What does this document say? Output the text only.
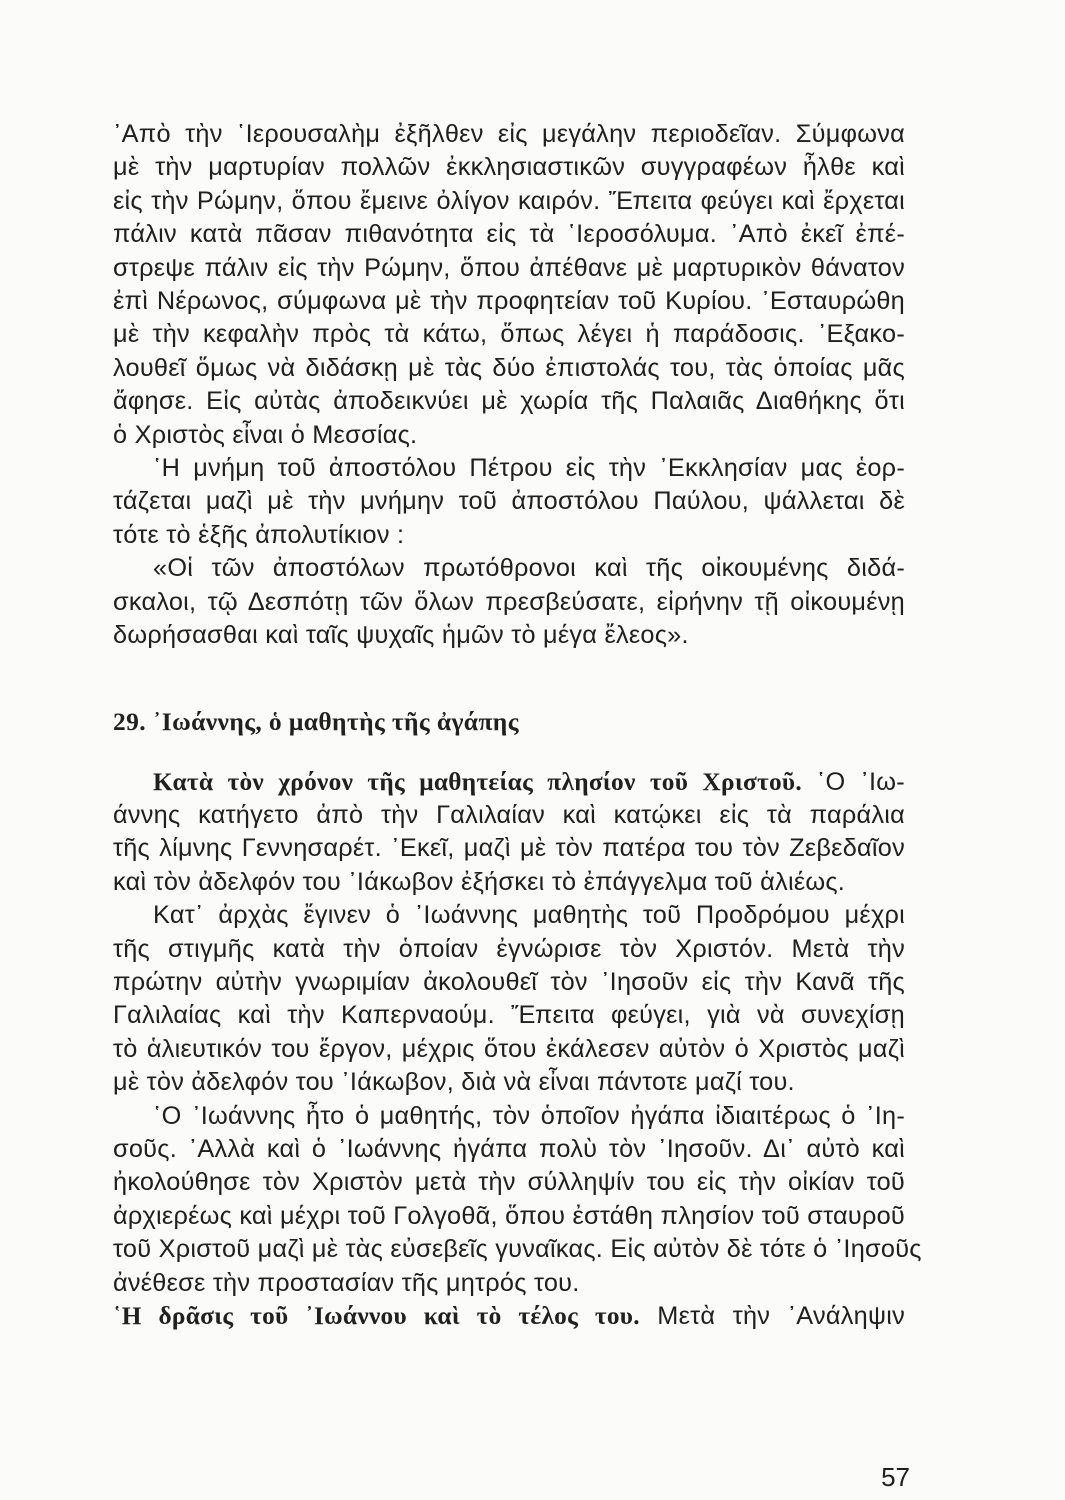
᾿Απὸ τὴν ῾Ιερουσαλὴμ ἐξῆλθεν εἰς μεγάλην περιοδεῖαν. Σύμφωνα
μὲ τὴν μαρτυρίαν πολλῶν ἐκκλησιαστικῶν συγγραφέων ἦλθε καὶ
εἰς τὴν Ρώμην, ὅπου ἔμεινε ὀλίγον καιρόν. Ἔπειτα φεύγει καὶ ἔρχεται
πάλιν κατὰ πᾶσαν πιθανότητα εἰς τὰ ῾Ιεροσόλυμα. ᾿Απὸ ἐκεῖ ἐπέ-
στρεψε πάλιν εἰς τὴν Ρώμην, ὅπου ἀπέθανε μὲ μαρτυρικὸν θάνατον
ἐπὶ Νέρωνος, σύμφωνα μὲ τὴν προφητείαν τοῦ Κυρίου. ᾿Εσταυρώθη
μὲ τὴν κεφαλὴν πρὸς τὰ κάτω, ὅπως λέγει ἡ παράδοσις. ᾿Εξακο-
λουθεῖ ὅμως νὰ διδάσκῃ μὲ τὰς δύο ἐπιστολάς του, τὰς ὁποίας μᾶς
ἄφησε. Εἰς αὐτὰς ἀποδεικνύει μὲ χωρία τῆς Παλαιᾶς Διαθήκης ὅτι
ὁ Χριστὸς εἶναι ὁ Μεσσίας.
῾Η μνήμη τοῦ ἀποστόλου Πέτρου εἰς τὴν ᾿Εκκλησίαν μας ἑορ-
τάζεται μαζὶ μὲ τὴν μνήμην τοῦ ἀποστόλου Παύλου, ψάλλεται δὲ
τότε τὸ ἑξῆς ἀπολυτίκιον :
«Οἱ τῶν ἀποστόλων πρωτόθρονοι καὶ τῆς οἰκουμένης διδά-
σκαλοι, τῷ Δεσπότῃ τῶν ὅλων πρεσβεύσατε, εἰρήνην τῇ οἰκουμένῃ
δωρήσασθαι καὶ ταῖς ψυχαῖς ἡμῶν τὸ μέγα ἔλεος».
29. ᾿Ιωάννης, ὁ μαθητὴς τῆς ἀγάπης
Κατὰ τὸν χρόνον τῆς μαθητείας πλησίον τοῦ Χριστοῦ. ῾Ο ᾿Ιω-
άννης κατήγετο ἀπὸ τὴν Γαλιλαίαν καὶ κατῴκει εἰς τὰ παράλια
τῆς λίμνης Γεννησαρέτ. ᾿Εκεῖ, μαζὶ μὲ τὸν πατέρα του τὸν Ζεβεδαῖον
καὶ τὸν ἀδελφόν του ᾿Ιάκωβον ἐξήσκει τὸ ἐπάγγελμα τοῦ ἁλιέως.
Κατ᾿ ἀρχὰς ἔγινεν ὁ ᾿Ιωάννης μαθητὴς τοῦ Προδρόμου μέχρι
τῆς στιγμῆς κατὰ τὴν ὁποίαν ἐγνώρισε τὸν Χριστόν. Μετὰ τὴν
πρώτην αὐτὴν γνωριμίαν ἀκολουθεῖ τὸν ᾿Ιησοῦν εἰς τὴν Κανᾶ τῆς
Γαλιλαίας καὶ τὴν Καπερναούμ. Ἔπειτα φεύγει, γιὰ νὰ συνεχίσῃ
τὸ ἁλιευτικόν του ἔργον, μέχρις ὅτου ἐκάλεσεν αὐτὸν ὁ Χριστὸς μαζὶ
μὲ τὸν ἀδελφόν του ᾿Ιάκωβον, διὰ νὰ εἶναι πάντοτε μαζί του.
῾Ο ᾿Ιωάννης ἦτο ὁ μαθητής, τὸν ὁποῖον ἠγάπα ἰδιαιτέρως ὁ ᾿Ιη-
σοῦς. ᾿Αλλὰ καὶ ὁ ᾿Ιωάννης ἠγάπα πολὺ τὸν ᾿Ιησοῦν. Δι᾿ αὐτὸ καὶ
ἠκολούθησε τὸν Χριστὸν μετὰ τὴν σύλληψίν του εἰς τὴν οἰκίαν τοῦ
ἀρχιερέως καὶ μέχρι τοῦ Γολγοθᾶ, ὅπου ἐστάθη πλησίον τοῦ σταυροῦ
τοῦ Χριστοῦ μαζὶ μὲ τὰς εὐσεβεῖς γυναῖκας. Εἰς αὐτὸν δὲ τότε ὁ ᾿Ιησοῦς
ἀνέθεσε τὴν προστασίαν τῆς μητρός του.
῾Η δρᾶσις τοῦ ᾿Ιωάννου καὶ τὸ τέλος του. Μετὰ τὴν ᾿Ανάληψιν
57
